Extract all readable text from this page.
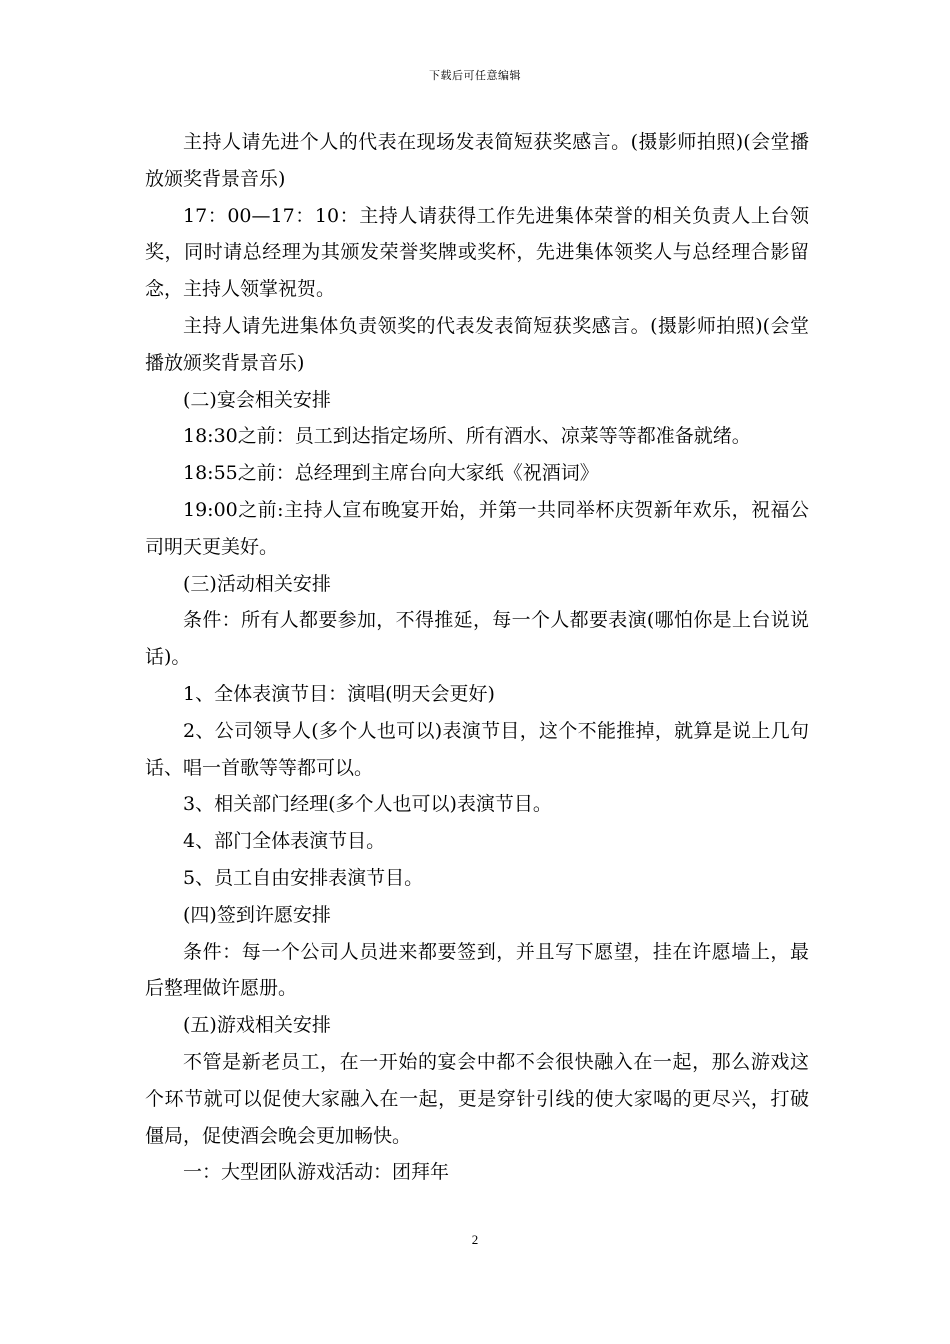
下载后可任意编辑

主持人请先进个人的代表在现场发表简短获奖感言。(摄影师拍照)(会堂播放颁奖背景音乐)

17：00—17：10：主持人请获得工作先进集体荣誉的相关负责人上台领奖，同时请总经理为其颁发荣誉奖牌或奖杯，先进集体领奖人与总经理合影留念，主持人领掌祝贺。

主持人请先进集体负责领奖的代表发表简短获奖感言。(摄影师拍照)(会堂播放颁奖背景音乐)

(二)宴会相关安排

18:30之前：员工到达指定场所、所有酒水、凉菜等等都准备就绪。

18:55之前：总经理到主席台向大家纸《祝酒词》

19:00之前:主持人宣布晚宴开始，并第一共同举杯庆贺新年欢乐，祝福公司明天更美好。

(三)活动相关安排

条件：所有人都要参加，不得推延，每一个人都要表演(哪怕你是上台说说话)。

1、全体表演节目：演唱(明天会更好)

2、公司领导人(多个人也可以)表演节目，这个不能推掉，就算是说上几句话、唱一首歌等等都可以。

3、相关部门经理(多个人也可以)表演节目。

4、部门全体表演节目。

5、员工自由安排表演节目。

(四)签到许愿安排

条件：每一个公司人员进来都要签到，并且写下愿望，挂在许愿墙上，最后整理做许愿册。

(五)游戏相关安排

不管是新老员工，在一开始的宴会中都不会很快融入在一起，那么游戏这个环节就可以促使大家融入在一起，更是穿针引线的使大家喝的更尽兴，打破僵局，促使酒会晚会更加畅快。

一：大型团队游戏活动：团拜年

2
